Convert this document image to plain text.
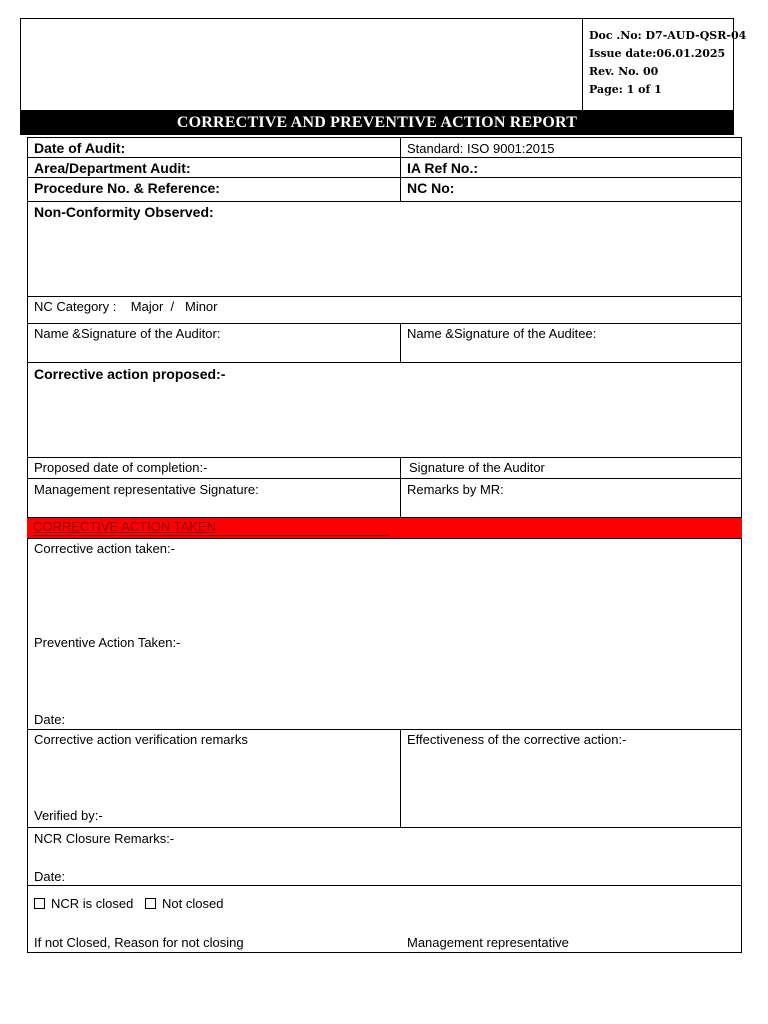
Doc .No: D7-AUD-QSR-04
Issue date:06.01.2025
Rev. No. 00
Page: 1 of 1
CORRECTIVE AND PREVENTIVE ACTION REPORT
Date of Audit:	Standard: ISO 9001:2015
Area/Department Audit:	IA Ref No.:
Procedure No. & Reference:	NC No:
Non-Conformity Observed:
NC Category :    Major  /   Minor
Name &Signature of the Auditor:	Name &Signature of the Auditee:
Corrective action proposed:-
Proposed date of completion:-	Signature of the Auditor
Management representative Signature:	Remarks by MR:
CORRECTIVE ACTION TAKEN
Corrective action taken:-
Preventive Action Taken:-
Date:
Corrective action verification remarks	Effectiveness of the corrective action:-
Verified by:-
NCR Closure Remarks:-
Date:
NCR is closed	Not closed
If not Closed, Reason for not closing	Management representative
